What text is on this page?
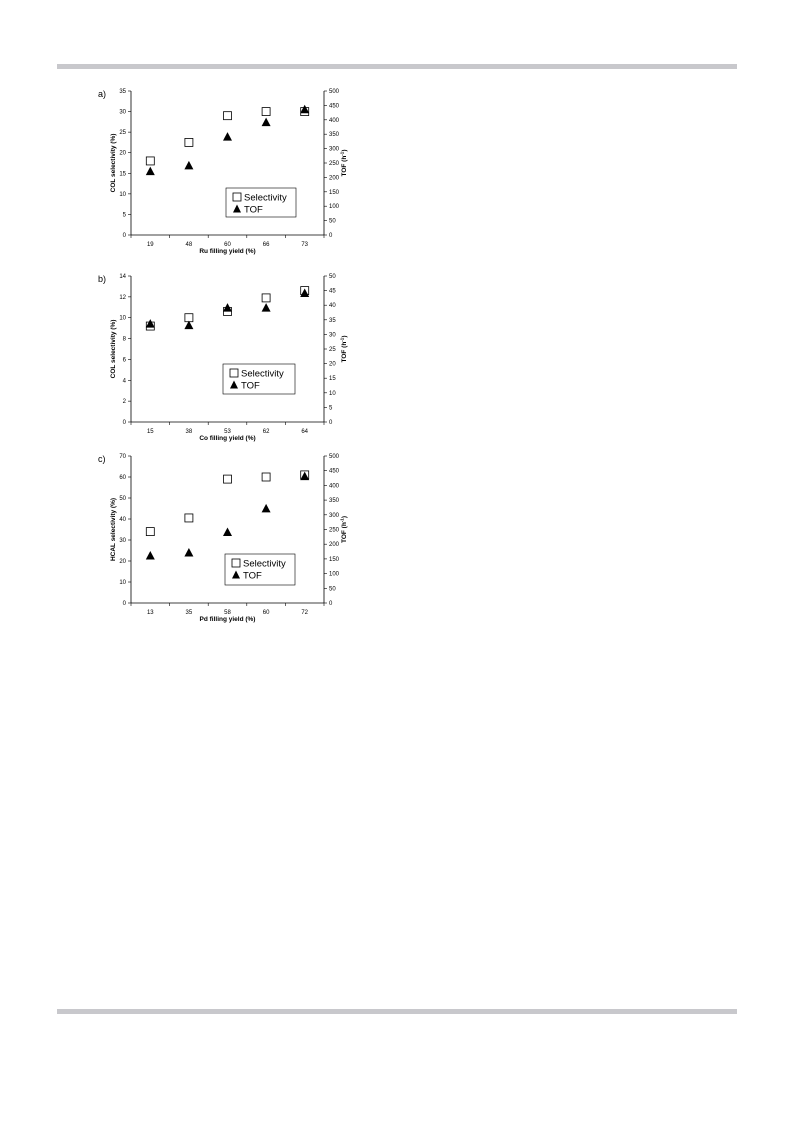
a)
0
5
10
15
20
25
30
35
0
50
100
150
200
250
300
350
400
450
500
19	48	60	66	73
Ru filling yield (%)
COL selectivity (%)	TOF $(h^{-1})$
Selectivity
TOF
b)
0
2
4
6
8
10
12
14
0
5
10
15
20
25
30
35
40
45
50
15	38	53	62	64
Co filling yield (%)
COL selectivity (%)	TOF $(h^{-1})$
Selectivity
TOF
c)
0
10
20
30
40
50
60
70
0
50
100
150
200
250
300
350
400
450
500
13	35	58	60	72
Pd filling yield (%)
HCAL selectivity (%)	TOF $(h^{-1})$
Selectivity
TOF
